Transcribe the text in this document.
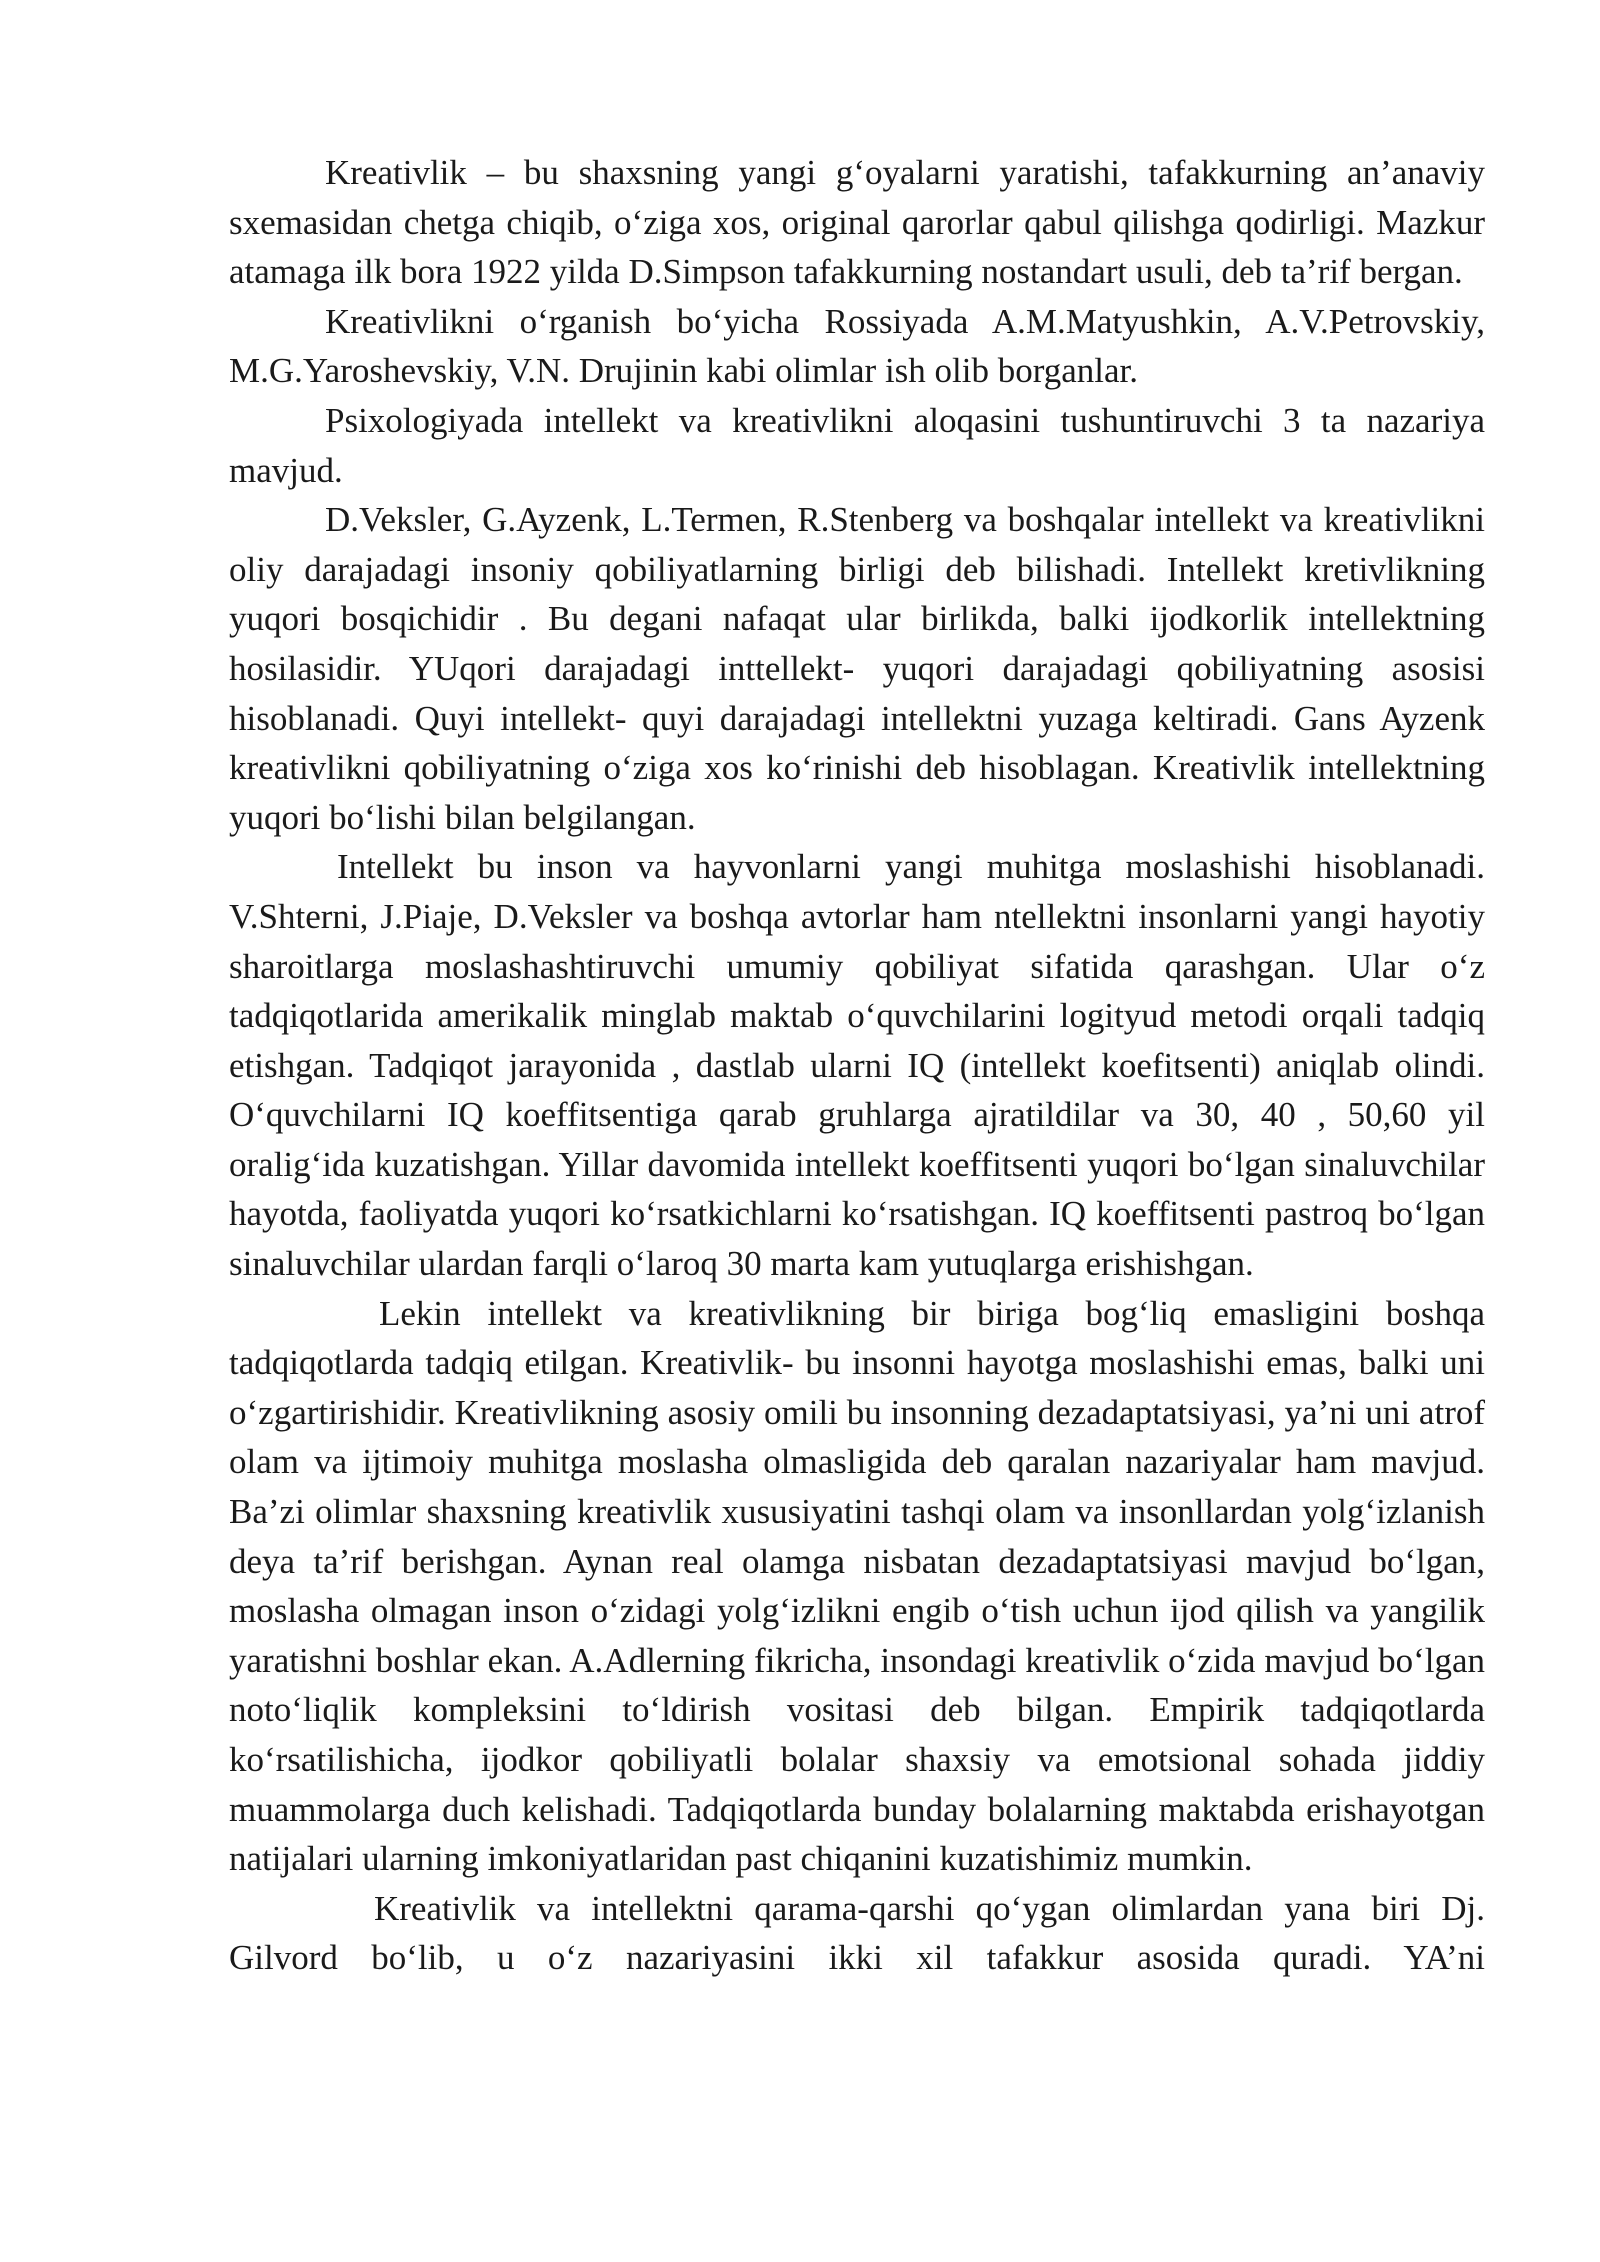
Kreativlik – bu shaxsning yangi g‘oyalarni yaratishi, tafakkurning an’anaviy sxemasidan chetga chiqib, o‘ziga xos, original qarorlar qabul qilishga qodirligi. Mazkur atamaga ilk bora 1922 yilda D.Simpson tafakkurning nostandart usuli, deb ta’rif bergan.

Kreativlikni o‘rganish bo‘yicha Rossiyada A.M.Matyushkin, A.V.Petrovskiy, M.G.Yaroshevskiy, V.N. Drujinin kabi olimlar ish olib borganlar.

Psixologiyada intellekt va kreativlikni aloqasini tushuntiruvchi 3 ta nazariya mavjud.

D.Veksler, G.Ayzenk, L.Termen, R.Stenberg va boshqalar intellekt va kreativlikni oliy darajadagi insoniy qobiliyatlarning birligi deb bilishadi. Intellekt kretivlikning yuqori bosqichidir . Bu degani nafaqat ular birlikda, balki ijodkorlik intellektning hosilasidir. YUqori darajadagi inttellekt- yuqori darajadagi qobiliyatning asosisi hisoblanadi. Quyi intellekt- quyi darajadagi intellektni yuzaga keltiradi. Gans Ayzenk kreativlikni qobiliyatning o‘ziga xos ko‘rinishi deb hisoblagan. Kreativlik intellektning yuqori bo‘lishi bilan belgilangan.

Intellekt bu inson va hayvonlarni yangi muhitga moslashishi hisoblanadi. V.Shterni, J.Piaje, D.Veksler va boshqa avtorlar ham ntellektni insonlarni yangi hayotiy sharoitlarga moslashashtiruvchi umumiy qobiliyat sifatida qarashgan. Ular o‘z tadqiqotlarida amerikalik minglab maktab o‘quvchilarini logityud metodi orqali tadqiq etishgan. Tadqiqot jarayonida , dastlab ularni IQ (intellekt koefitsenti) aniqlab olindi. O‘quvchilarni IQ koeffitsentiga qarab gruhlarga ajratildilar va 30, 40 , 50,60 yil oralig‘ida kuzatishgan. Yillar davomida intellekt koeffitsenti yuqori bo‘lgan sinaluvchilar hayotda, faoliyatda yuqori ko‘rsatkichlarni ko‘rsatishgan. IQ koeffitsenti pastroq bo‘lgan sinaluvchilar ulardan farqli o‘laroq 30 marta kam yutuqlarga erishishgan.

Lekin intellekt va kreativlikning bir biriga bog‘liq emasligini boshqa tadqiqotlarda tadqiq etilgan. Kreativlik- bu insonni hayotga moslashishi emas, balki uni o‘zgartirishidir. Kreativlikning asosiy omili bu insonning dezadaptatsiyasi, ya’ni uni atrof olam va ijtimoiy muhitga moslasha olmasligida deb qaralan nazariyalar ham mavjud. Ba’zi olimlar shaxsning kreativlik xususiyatini tashqi olam va insonllardan yolg‘izlanish deya ta’rif berishgan. Aynan real olamga nisbatan dezadaptatsiyasi mavjud bo‘lgan, moslasha olmagan inson o‘zidagi yolg‘izlikni engib o‘tish uchun ijod qilish va yangilik yaratishni boshlar ekan. A.Adlerning fikricha, insondagi kreativlik o‘zida mavjud bo‘lgan noto‘liqlik kompleksini to‘ldirish vositasi deb bilgan. Empirik tadqiqotlarda ko‘rsatilishicha, ijodkor qobiliyatli bolalar shaxsiy va emotsional sohada jiddiy muammolarga duch kelishadi. Tadqiqotlarda bunday bolalarning maktabda erishayotgan natijalari ularning imkoniyatlaridan past chiqanini kuzatishimiz mumkin.

Kreativlik va intellektni qarama-qarshi qo‘ygan olimlardan yana biri Dj. Gilvord bo‘lib, u o‘z nazariyasini ikki xil tafakkur asosida quradi. YA’ni
